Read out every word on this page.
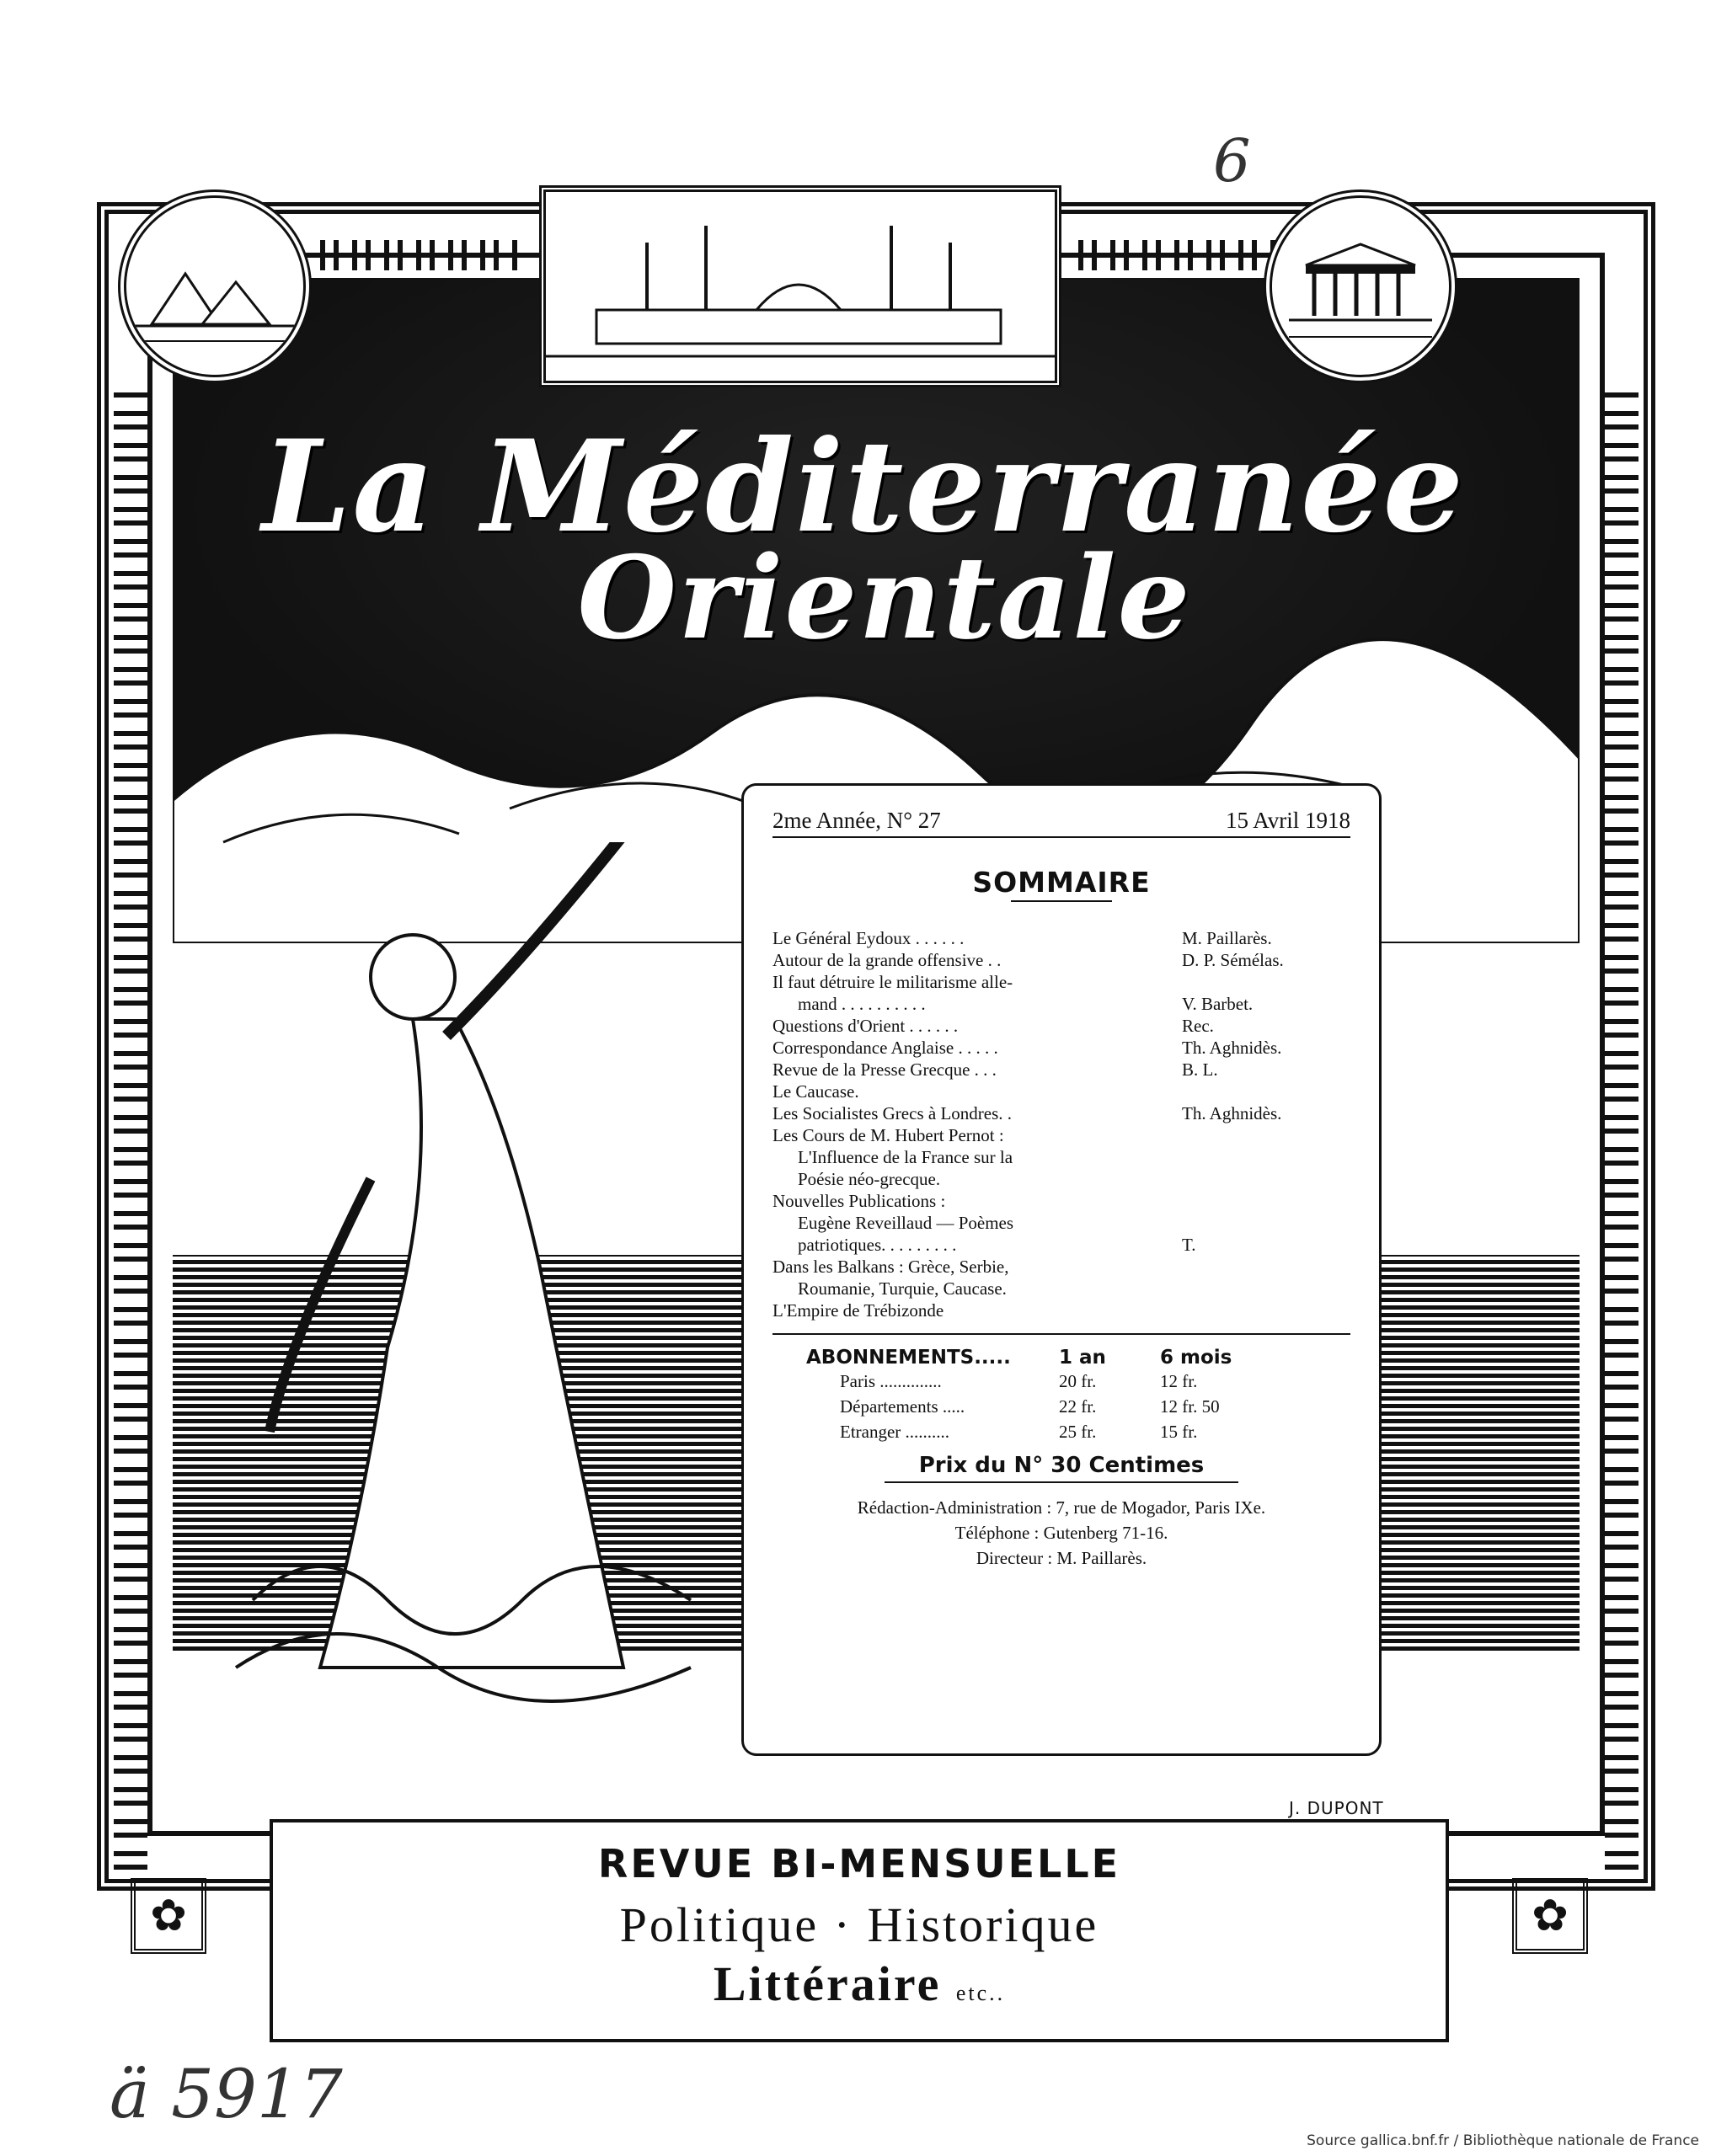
La Méditerranée
Orientale
2me Année, N° 27	15 Avril 1918
SOMMAIRE
Le Général Eydoux . . . . . .	M. Paillarès.
Autour de la grande offensive . .	D. P. Sémélas.
Il faut détruire le militarisme alle-
mand . . . . . . . . . .	V. Barbet.
Questions d'Orient . . . . . .	Rec.
Correspondance Anglaise . . . . .	Th. Aghnidès.
Revue de la Presse Grecque . . .	B. L.
Le Caucase.
Les Socialistes Grecs à Londres. .	Th. Aghnidès.
Les Cours de M. Hubert Pernot :
L'Influence de la France sur la
Poésie néo-grecque.
Nouvelles Publications :
Eugène Reveillaud — Poèmes
patriotiques. . . . . . . . .	T.
Dans les Balkans : Grèce, Serbie,
Roumanie, Turquie, Caucase.
L'Empire de Trébizonde
ABONNEMENTS.....	1 an	6 mois
Paris ..............	20 fr.	12 fr.
Départements .....	22 fr.	12 fr. 50
Etranger ..........	25 fr.	15 fr.
Prix du N° 30 Centimes
Rédaction-Administration : 7, rue de Mogador, Paris IXe.
Téléphone : Gutenberg 71-16.
Directeur : M. Paillarès.
J. DUPONT
✿	✿
REVUE BI-MENSUELLE
Politique · Historique
Littéraire etc..
6
ä 5917
Source gallica.bnf.fr / Bibliothèque nationale de France
